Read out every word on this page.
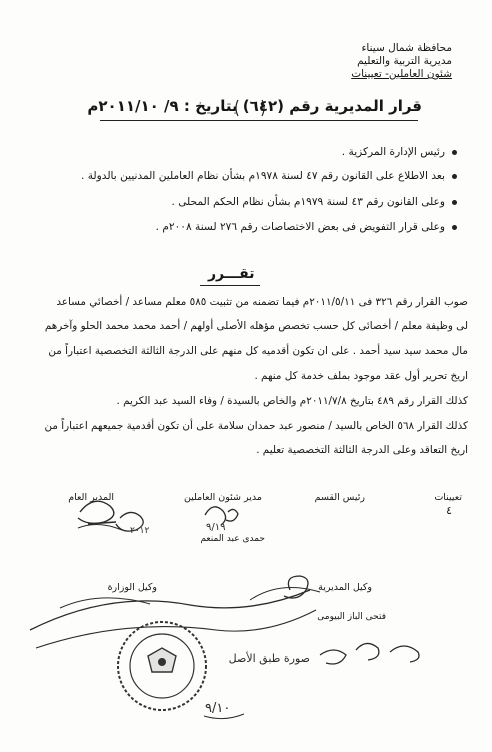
محافظة شمال سيناء
مديرية التربية والتعليم
شئون العاملين- تعيينات
قرار المديرية رقم (٦٤٢) بتاريخ : ٩/ ٢٠١١/١٠م
رئيس الإدارة المركزية .
بعد الاطلاع على القانون رقم ٤٧ لسنة ١٩٧٨م بشأن نظام العاملين المدنيين بالدولة .
وعلى القانون رقم ٤٣ لسنة ١٩٧٩م بشأن نظام الحكم المحلى .
وعلى قرار التفويض فى بعض الاختصاصات رقم ٢٧٦ لسنة ٢٠٠٨م .
تقـــرر
صوب القرار رقم ٣٢٦ فى ٢٠١١/٥/١١م فيما تضمنه من تثبيت ٥٨٥ معلم مساعد / أخصائي مساعد
لى وظيفة معلم / أخصائى كل حسب تخصص مؤهله الأصلى أولهم / أحمد محمد محمد الحلو وآخرهم
مال محمد سيد سيد أحمد . على ان تكون أقدميه كل منهم على الدرجة الثالثة التخصصية اعتباراً من
اريخ تحرير أول عقد موجود بملف خدمة كل منهم .
كذلك القرار رقم ٤٨٩ بتاريخ ٢٠١١/٧/٨م والخاص بالسيدة / وفاء السيد عبد الكريم .
كذلك القرار ٥٦٨ الخاص بالسيد / منصور عبد حمدان سلامة على أن تكون أقدمية جميعهم اعتباراً من
اريخ التعاقد وعلى الدرجة الثالثة التخصصية تعليم .
تعيينات
٤
رئيس القسم
مدير شئون العاملين
المدير العام
حمدى عبد المنعم
وكيل المديرية
وكيل الوزارة
فتحى الباز البيومى
٢٠١٢	٩/١٩
صورة طبق الأصل
٩/١٠
